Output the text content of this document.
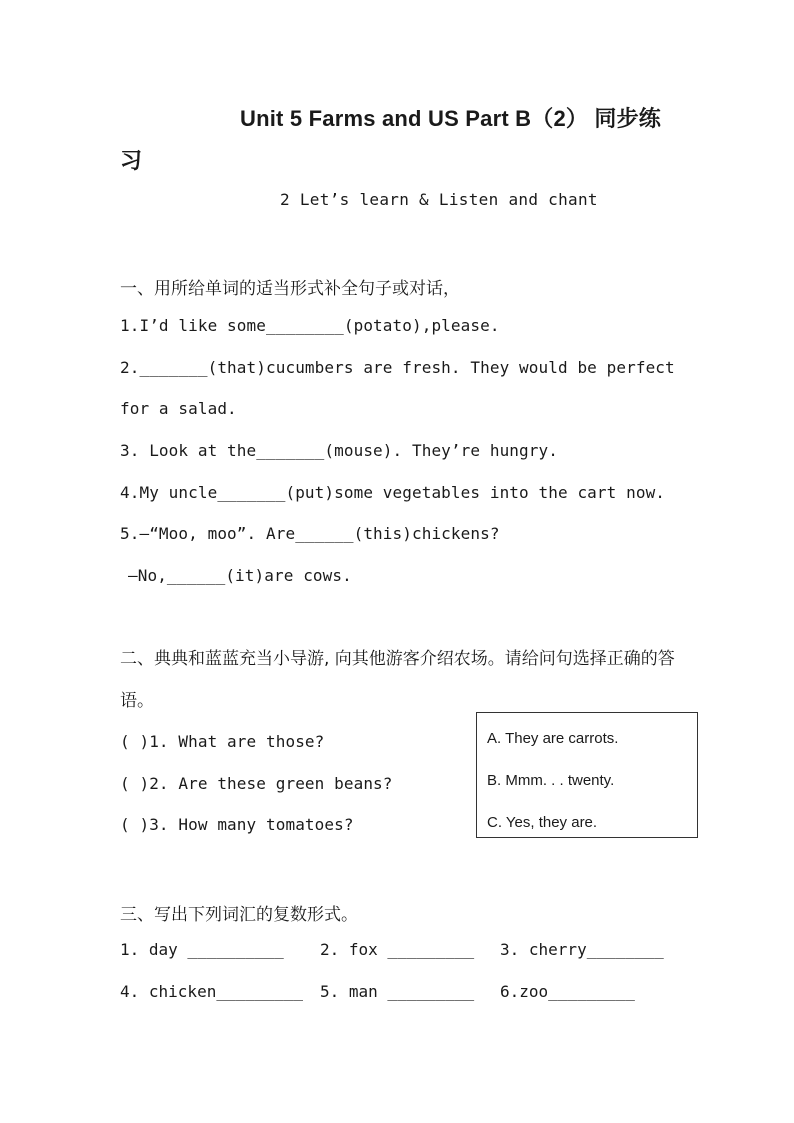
Unit 5 Farms and US Part B（2） 同步练习
2 Let’s learn & Listen and chant
一、用所给单词的适当形式补全句子或对话，
1.I’d like some________(potato),please.
2._______(that)cucumbers are fresh. They would be perfect
for a salad.
3. Look at the_______(mouse). They’re hungry.
4.My uncle_______(put)some vegetables into the cart now.
5.—“Moo, moo”. Are______(this)chickens?
—No,______(it)are cows.
二、典典和蓝蓝充当小导游, 向其他游客介绍农场。请给问句选择正确的答语。
( )1. What are those?
( )2. Are these green beans?
( )3. How many tomatoes?
A. They are carrots.
B. Mmm. . . twenty.
C. Yes, they are.
三、写出下列词汇的复数形式。
1. day __________ 2. fox _________ 3. cherry________
4. chicken_________ 5. man _________ 6.zoo_________
